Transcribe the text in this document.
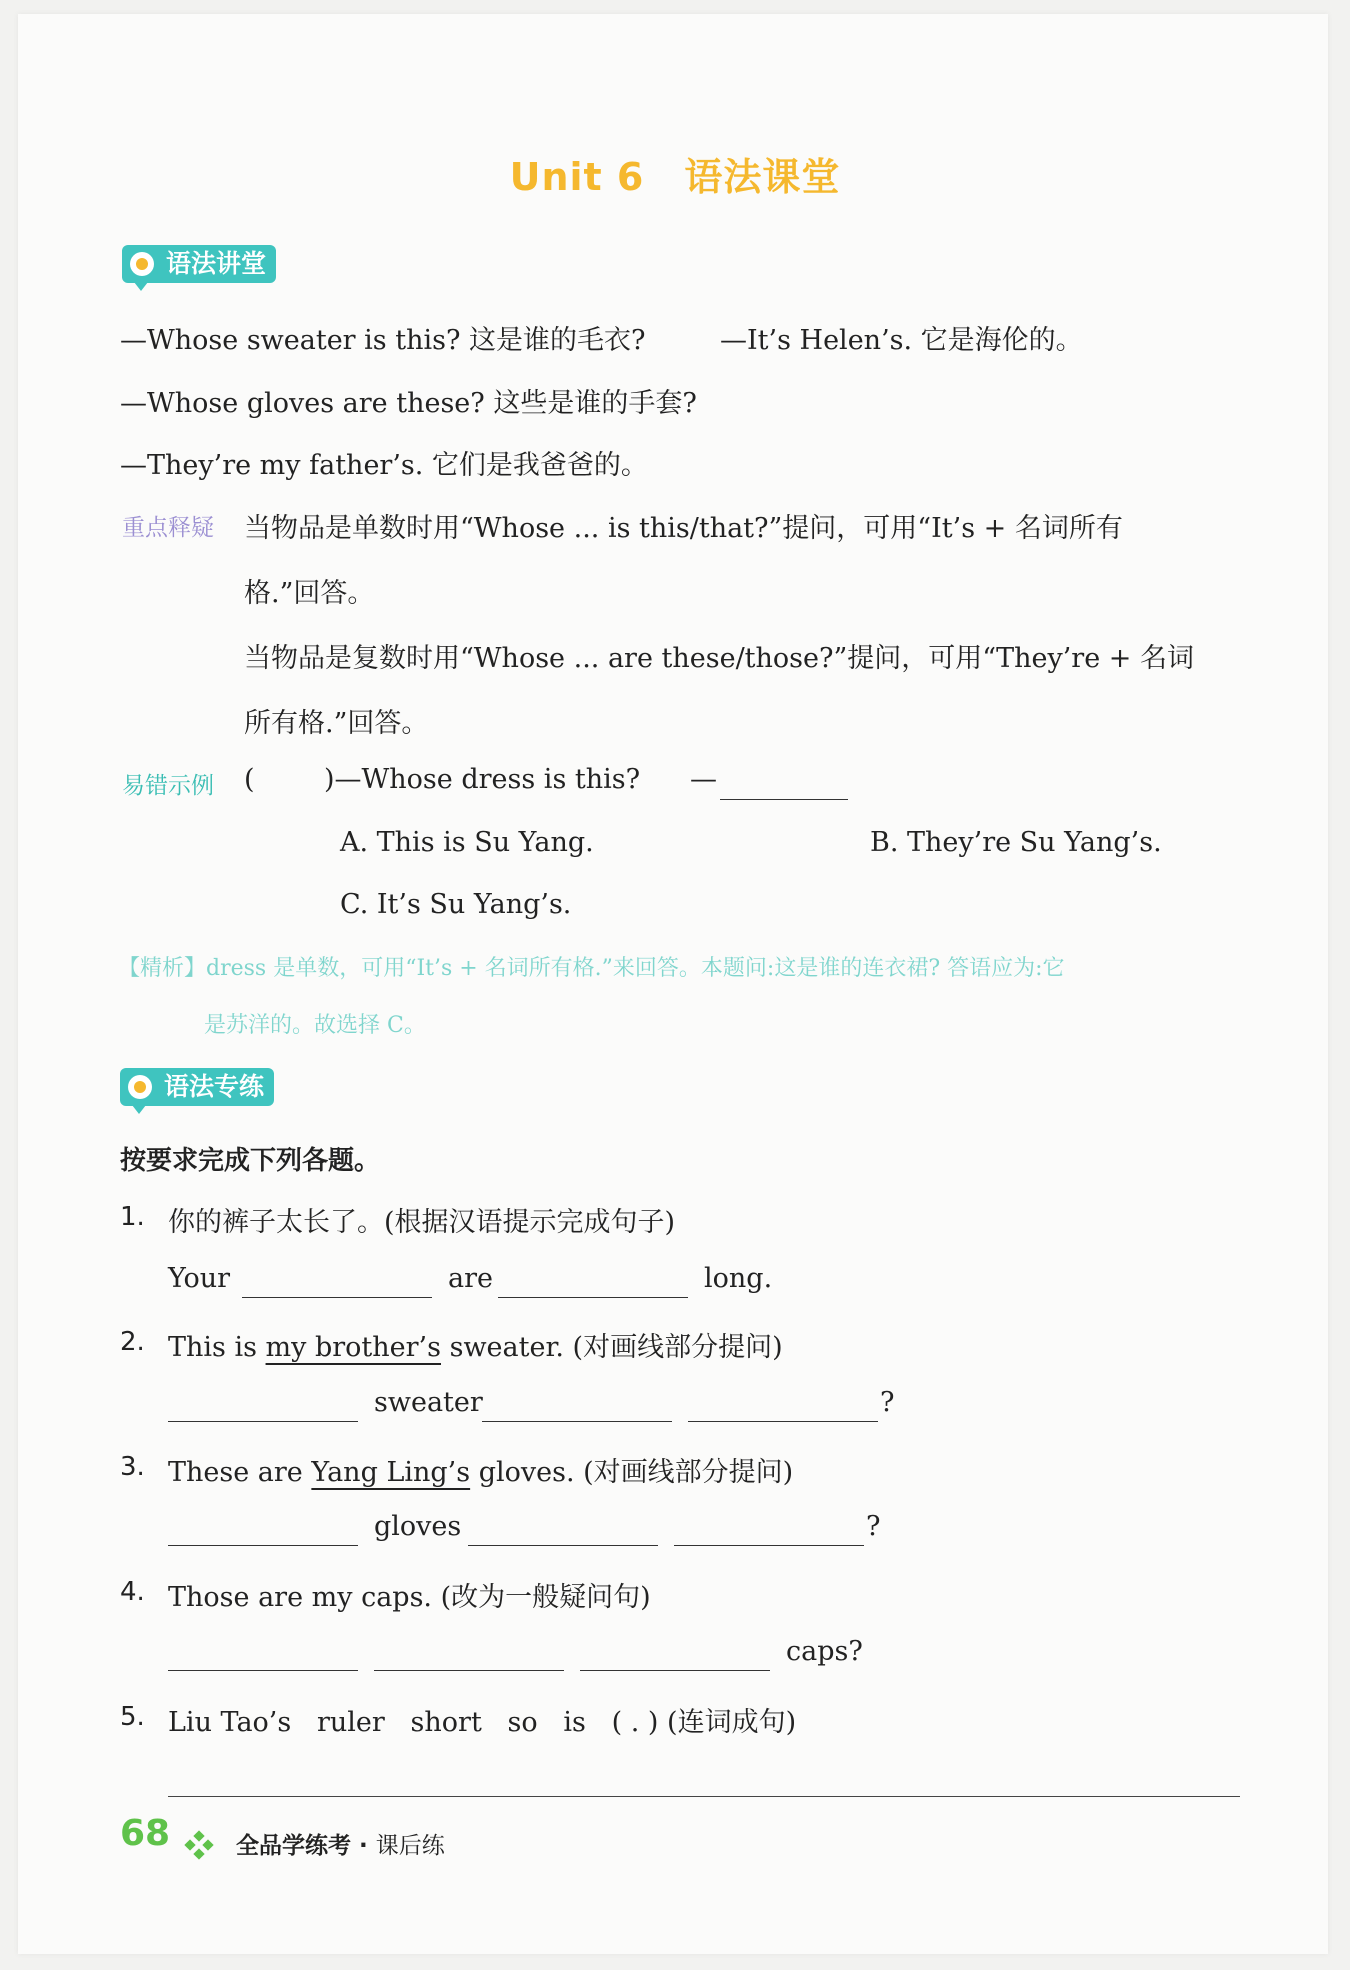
Unit 6 语法课堂
语法讲堂
—Whose sweater is this? 这是谁的毛衣?	—It’s Helen’s. 它是海伦的。
—Whose gloves are these? 这些是谁的手套?
—They’re my father’s. 它们是我爸爸的。
重点释疑 当物品是单数时用“Whose ... is this/that?”提问，可用“It’s + 名词所有
格.”回答。
当物品是复数时用“Whose ... are these/those?”提问，可用“They’re + 名词
所有格.”回答。
易错示例 (	)—Whose dress is this? —
A. This is Su Yang.	B. They’re Su Yang’s.
C. It’s Su Yang’s.
【精析】dress 是单数，可用“It’s + 名词所有格.”来回答。本题问:这是谁的连衣裙? 答语应为:它
是苏洋的。故选择 C。
语法专练
按要求完成下列各题。
1. 你的裤子太长了。(根据汉语提示完成句子)
Your	are	long.
2. This is my brother’s sweater. (对画线部分提问)
sweater	?
3. These are Yang Ling’s gloves. (对画线部分提问)
gloves	?
4. Those are my caps. (改为一般疑问句)
caps?
5. Liu Tao’s   ruler   short   so   is   ( . ) (连词成句)
68	全品学练考 · 课后练
